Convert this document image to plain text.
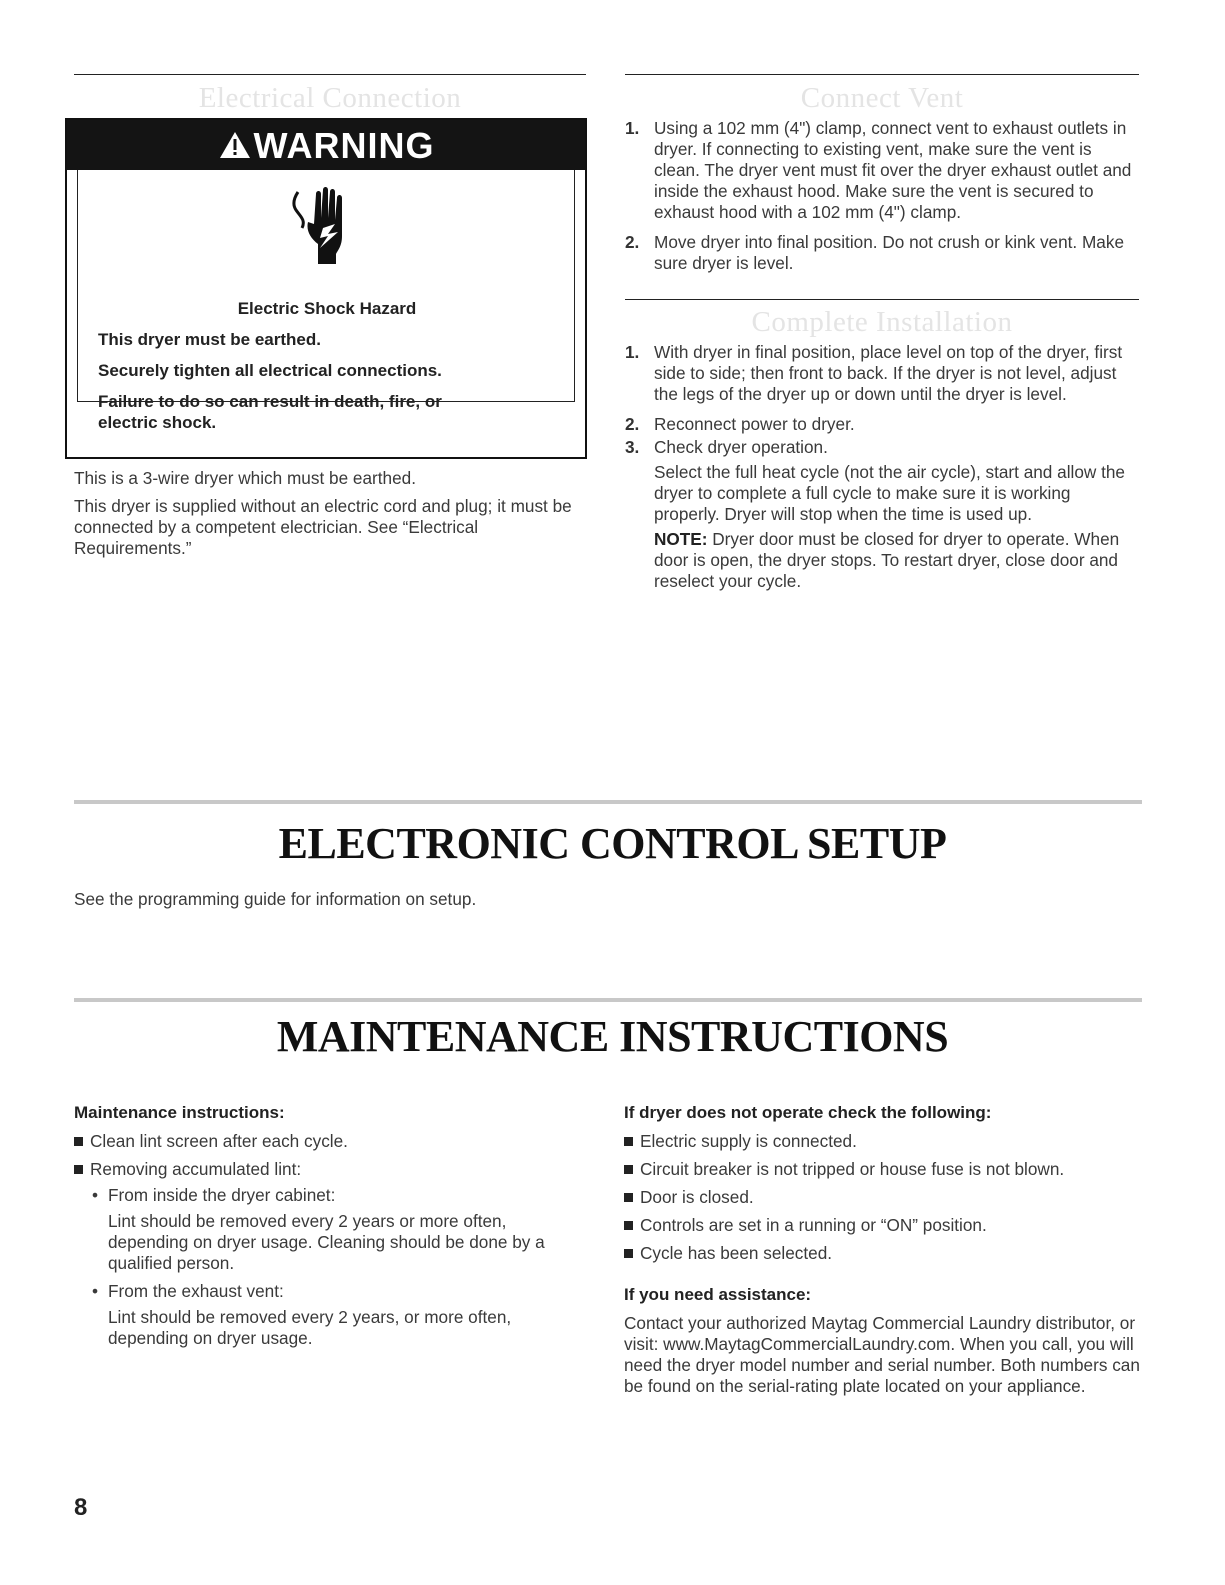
Electrical Connection
WARNING

Electric Shock Hazard

This dryer must be earthed.

Securely tighten all electrical connections.

Failure to do so can result in death, fire, or electric shock.

This is a 3-wire dryer which must be earthed.

This dryer is supplied without an electric cord and plug; it must be connected by a competent electrician. See “Electrical Requirements.”

Connect Vent
1. Using a 102 mm (4") clamp, connect vent to exhaust outlets in dryer. If connecting to existing vent, make sure the vent is clean. The dryer vent must fit over the dryer exhaust outlet and inside the exhaust hood. Make sure the vent is secured to exhaust hood with a 102 mm (4") clamp.
2. Move dryer into final position. Do not crush or kink vent. Make sure dryer is level.
Complete Installation
1. With dryer in final position, place level on top of the dryer, first side to side; then front to back. If the dryer is not level, adjust the legs of the dryer up or down until the dryer is level.
2. Reconnect power to dryer.
3. Check dryer operation.

Select the full heat cycle (not the air cycle), start and allow the dryer to complete a full cycle to make sure it is working properly. Dryer will stop when the time is used up.

NOTE: Dryer door must be closed for dryer to operate. When door is open, the dryer stops. To restart dryer, close door and reselect your cycle.

ELECTRONIC CONTROL SETUP
See the programming guide for information on setup.
MAINTENANCE INSTRUCTIONS

Maintenance instructions:

Clean lint screen after each cycle.
Removing accumulated lint:
• From inside the dryer cabinet:

Lint should be removed every 2 years or more often, depending on dryer usage. Cleaning should be done by a qualified person.

• From the exhaust vent:

Lint should be removed every 2 years, or more often, depending on dryer usage.

If dryer does not operate check the following:

Electric supply is connected.
Circuit breaker is not tripped or house fuse is not blown.
Door is closed.
Controls are set in a running or “ON” position.
Cycle has been selected.

If you need assistance:

Contact your authorized Maytag Commercial Laundry distributor, or visit: www.MaytagCommercialLaundry.com. When you call, you will need the dryer model number and serial number. Both numbers can be found on the serial-rating plate located on your appliance.

8
